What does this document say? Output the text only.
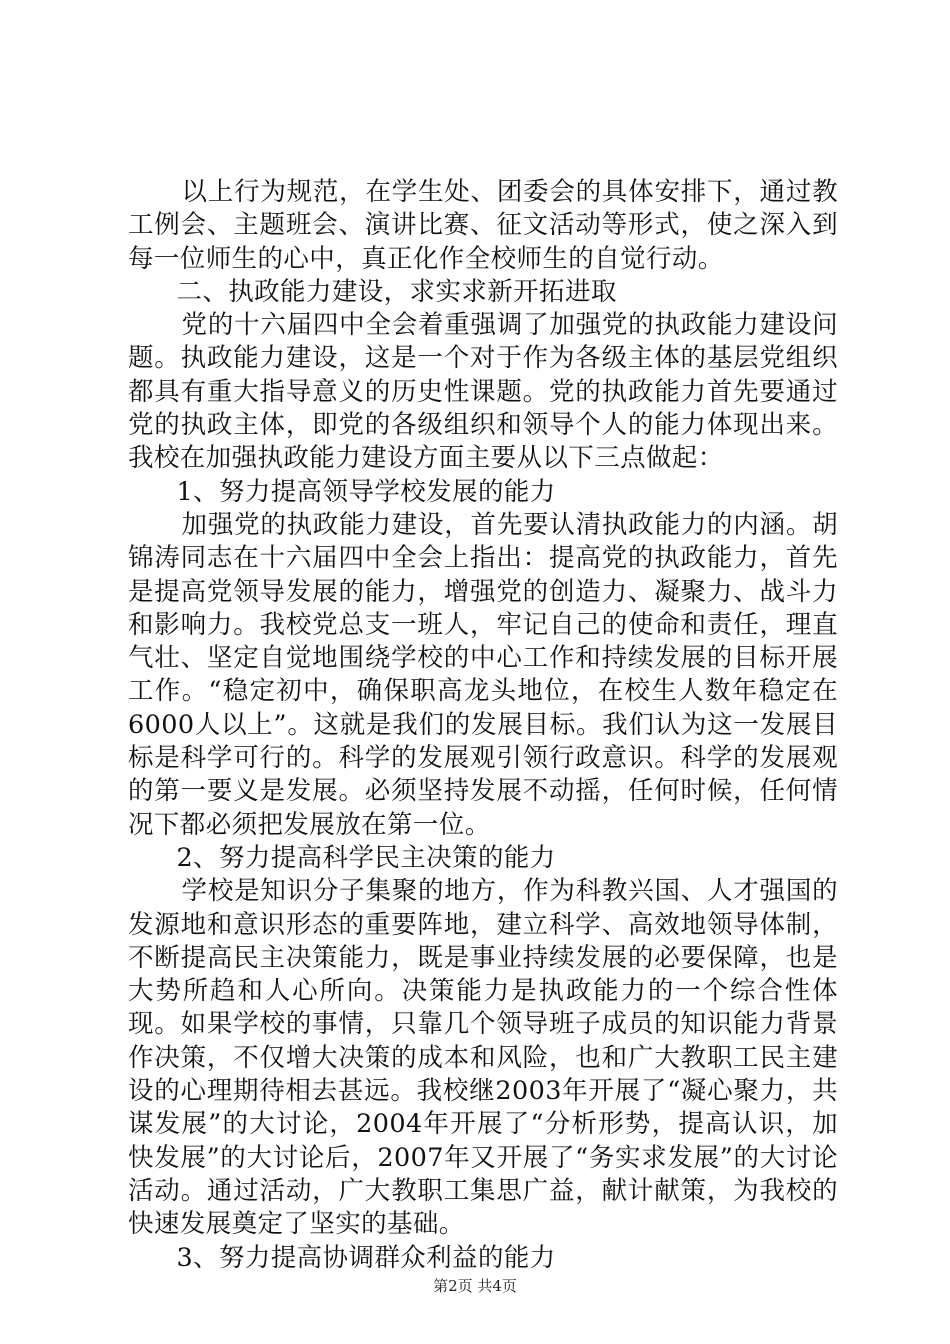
以上行为规范，在学生处、团委会的具体安排下，通过教工例会、主题班会、演讲比赛、征文活动等形式，使之深入到每一位师生的心中，真正化作全校师生的自觉行动。

二、执政能力建设，求实求新开拓进取

党的十六届四中全会着重强调了加强党的执政能力建设问题。执政能力建设，这是一个对于作为各级主体的基层党组织都具有重大指导意义的历史性课题。党的执政能力首先要通过党的执政主体，即党的各级组织和领导个人的能力体现出来。我校在加强执政能力建设方面主要从以下三点做起：

1、努力提高领导学校发展的能力

加强党的执政能力建设，首先要认清执政能力的内涵。胡锦涛同志在十六届四中全会上指出：提高党的执政能力，首先是提高党领导发展的能力，增强党的创造力、凝聚力、战斗力和影响力。我校党总支一班人，牢记自己的使命和责任，理直气壮、坚定自觉地围绕学校的中心工作和持续发展的目标开展工作。“稳定初中，确保职高龙头地位，在校生人数年稳定在6000人以上”。这就是我们的发展目标。我们认为这一发展目标是科学可行的。科学的发展观引领行政意识。科学的发展观的第一要义是发展。必须坚持发展不动摇，任何时候，任何情况下都必须把发展放在第一位。

2、努力提高科学民主决策的能力

学校是知识分子集聚的地方，作为科教兴国、人才强国的发源地和意识形态的重要阵地，建立科学、高效地领导体制，不断提高民主决策能力，既是事业持续发展的必要保障，也是大势所趋和人心所向。决策能力是执政能力的一个综合性体现。如果学校的事情，只靠几个领导班子成员的知识能力背景作决策，不仅增大决策的成本和风险，也和广大教职工民主建设的心理期待相去甚远。我校继2003年开展了“凝心聚力，共谋发展”的大讨论，2004年开展了“分析形势，提高认识，加快发展”的大讨论后，2007年又开展了“务实求发展”的大讨论活动。通过活动，广大教职工集思广益，献计献策，为我校的快速发展奠定了坚实的基础。

3、努力提高协调群众利益的能力

第2页 共4页
